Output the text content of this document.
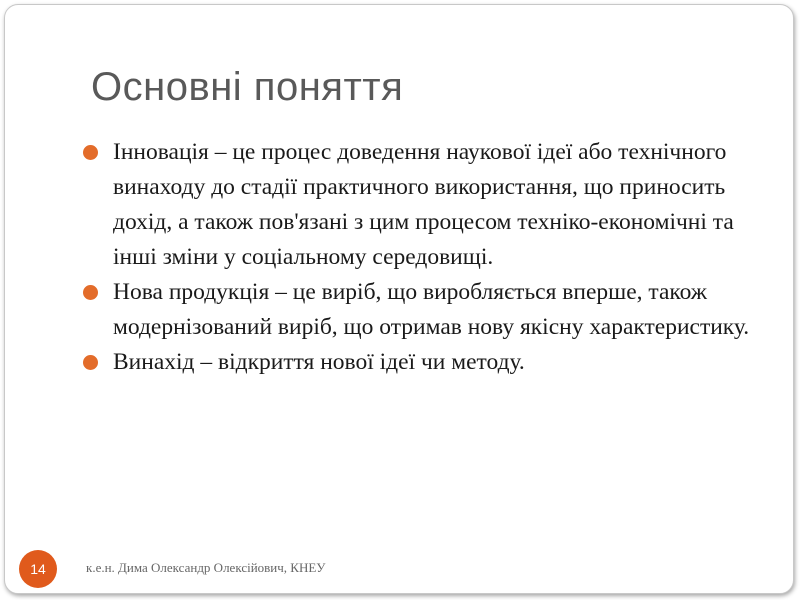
Основні поняття
Інновація – це процес доведення наукової ідеї або технічного винаходу до стадії практичного використання, що приносить дохід, а також пов'язані з цим процесом техніко-економічні та інші зміни у соціальному середовищі.
Нова продукція – це виріб, що виробляється вперше, також модернізований виріб, що отримав нову якісну характеристику.
Винахід – відкриття нової ідеї чи методу.
14	к.е.н. Дима Олександр Олексійович, КНЕУ
